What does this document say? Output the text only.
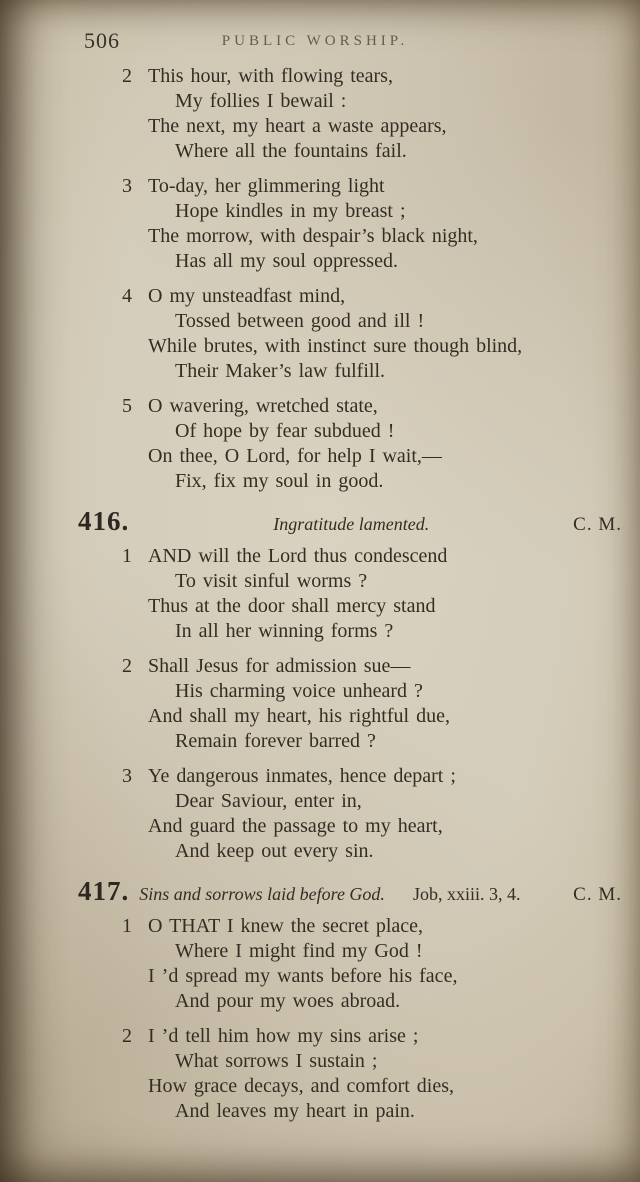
506	PUBLIC WORSHIP.
2 This hour, with flowing tears,
My follies I bewail :
The next, my heart a waste appears,
Where all the fountains fail.
3 To-day, her glimmering light
Hope kindles in my breast ;
The morrow, with despair’s black night,
Has all my soul oppressed.
4 O my unsteadfast mind,
Tossed between good and ill !
While brutes, with instinct sure though blind,
Their Maker’s law fulfill.
5 O wavering, wretched state,
Of hope by fear subdued !
On thee, O Lord, for help I wait,—
Fix, fix my soul in good.
416.	Ingratitude lamented.	C. M.
1 AND will the Lord thus condescend
To visit sinful worms ?
Thus at the door shall mercy stand
In all her winning forms ?
2 Shall Jesus for admission sue—
His charming voice unheard ?
And shall my heart, his rightful due,
Remain forever barred ?
3 Ye dangerous inmates, hence depart ;
Dear Saviour, enter in,
And guard the passage to my heart,
And keep out every sin.
417. Sins and sorrows laid before God. Job, xxiii. 3, 4.	C. M.
1 O THAT I knew the secret place,
Where I might find my God !
I ’d spread my wants before his face,
And pour my woes abroad.
2 I ’d tell him how my sins arise ;
What sorrows I sustain ;
How grace decays, and comfort dies,
And leaves my heart in pain.
